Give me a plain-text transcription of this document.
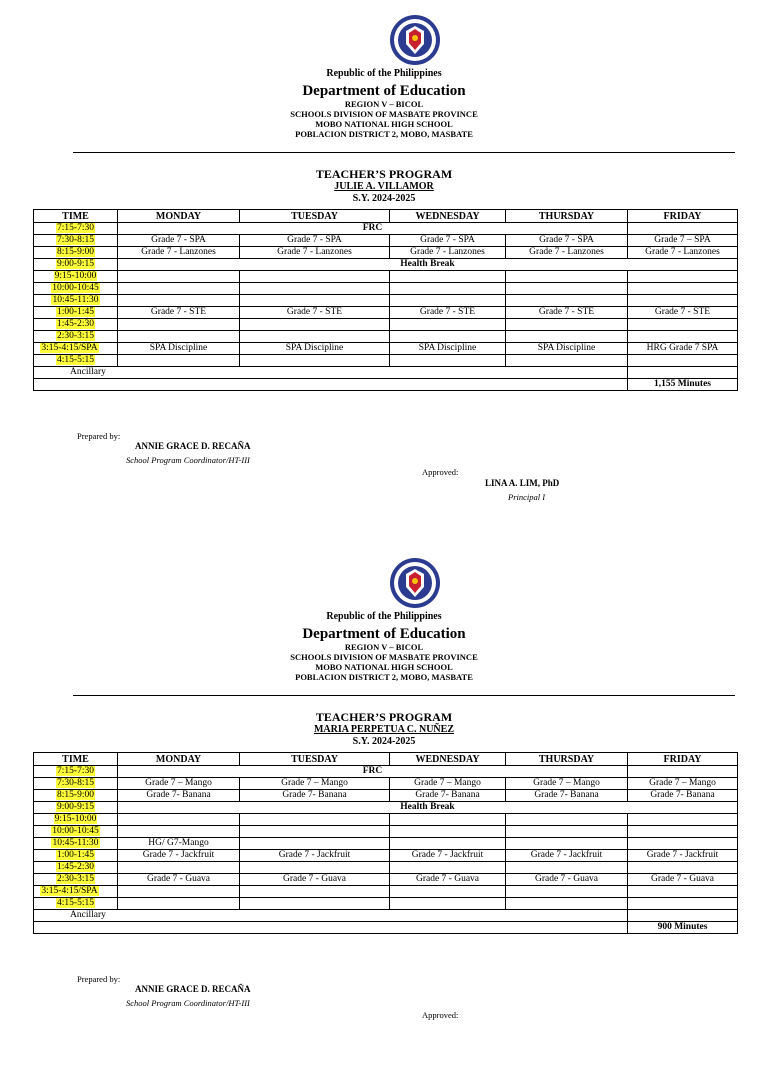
Republic of the Philippines
Department of Education
REGION V – BICOL
SCHOOLS DIVISION OF MASBATE PROVINCE
MOBO NATIONAL HIGH SCHOOL
POBLACION DISTRICT 2, MOBO, MASBATE
TEACHER’S PROGRAM
JULIE A. VILLAMOR
S.Y. 2024-2025
TIME	MONDAY	TUESDAY	WEDNESDAY	THURSDAY	FRIDAY
7:15-7:30	FRC				
7:30-8:15	Grade 7 - SPA	Grade 7 - SPA	Grade 7 - SPA	Grade 7 - SPA	Grade 7 – SPA
8:15-9:00	Grade 7 - Lanzones	Grade 7 - Lanzones	Grade 7 - Lanzones	Grade 7 - Lanzones	Grade 7 - Lanzones
9:00-9:15	Health Break				
9:15-10:00					
10:00-10:45					
10:45-11:30					
1:00-1:45	Grade 7 - STE	Grade 7 - STE	Grade 7 - STE	Grade 7 - STE	Grade 7 - STE
1:45-2:30					
2:30-3:15					
3:15-4:15/SPA	SPA Discipline	SPA Discipline	SPA Discipline	SPA Discipline	HRG Grade 7 SPA
4:15-5:15					
Ancillary					
					1,155 Minutes
Prepared by:
ANNIE GRACE D. RECAÑA
School Program Coordinator/HT-III
Approved:
LINA A. LIM, PhD
Principal I
Republic of the Philippines
Department of Education
REGION V – BICOL
SCHOOLS DIVISION OF MASBATE PROVINCE
MOBO NATIONAL HIGH SCHOOL
POBLACION DISTRICT 2, MOBO, MASBATE
TEACHER’S PROGRAM
MARIA PERPETUA C. NUÑEZ
S.Y. 2024-2025
TIME	MONDAY	TUESDAY	WEDNESDAY	THURSDAY	FRIDAY
7:15-7:30	FRC				
7:30-8:15	Grade 7 – Mango	Grade 7 – Mango	Grade 7 – Mango	Grade 7 – Mango	Grade 7 – Mango
8:15-9:00	Grade 7- Banana	Grade 7- Banana	Grade 7- Banana	Grade 7- Banana	Grade 7- Banana
9:00-9:15	Health Break				
9:15-10:00					
10:00-10:45					
10:45-11:30	HG/ G7-Mango				
1:00-1:45	Grade 7 - Jackfruit	Grade 7 - Jackfruit	Grade 7 - Jackfruit	Grade 7 - Jackfruit	Grade 7 - Jackfruit
1:45-2:30					
2:30-3:15	Grade 7 - Guava	Grade 7 - Guava	Grade 7 - Guava	Grade 7 - Guava	Grade 7 - Guava
3:15-4:15/SPA					
4:15-5:15					
Ancillary					
					900 Minutes
Prepared by:
ANNIE GRACE D. RECAÑA
School Program Coordinator/HT-III
Approved:
